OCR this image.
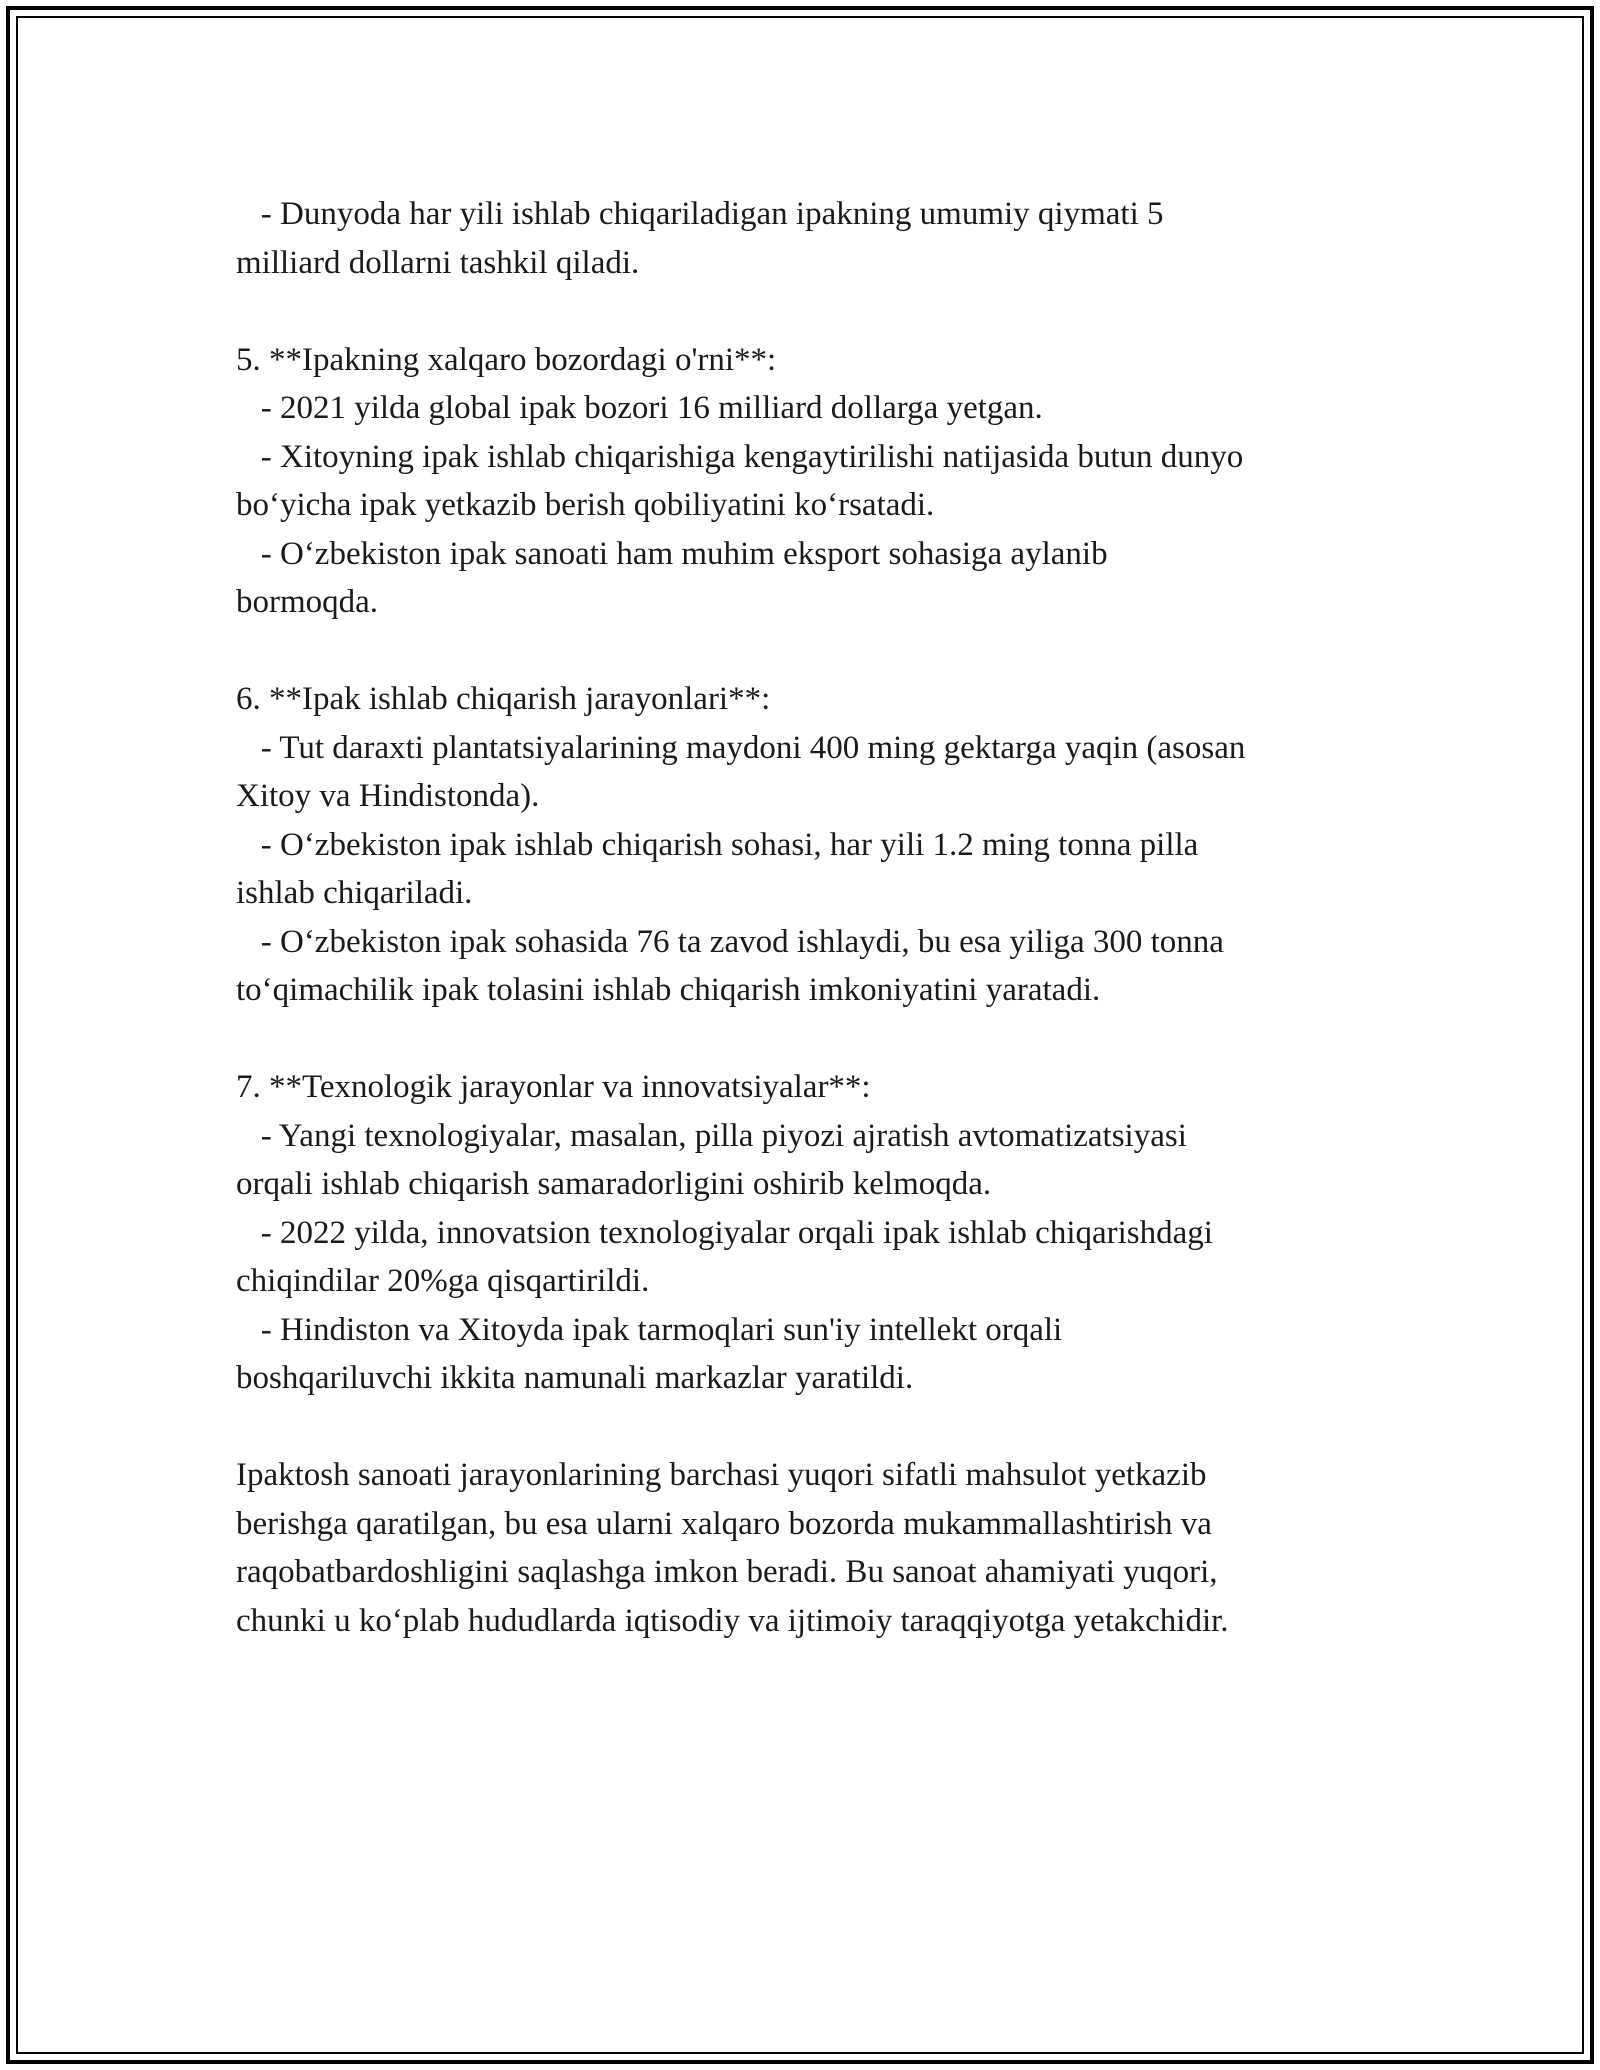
- Dunyoda har yili ishlab chiqariladigan ipakning umumiy qiymati 5
milliard dollarni tashkil qiladi.
5. **Ipakning xalqaro bozordagi o'rni**:
- 2021 yilda global ipak bozori 16 milliard dollarga yetgan.
- Xitoyning ipak ishlab chiqarishiga kengaytirilishi natijasida butun dunyo
bo‘yicha ipak yetkazib berish qobiliyatini ko‘rsatadi.
- O‘zbekiston ipak sanoati ham muhim eksport sohasiga aylanib
bormoqda.
6. **Ipak ishlab chiqarish jarayonlari**:
- Tut daraxti plantatsiyalarining maydoni 400 ming gektarga yaqin (asosan
Xitoy va Hindistonda).
- O‘zbekiston ipak ishlab chiqarish sohasi, har yili 1.2 ming tonna pilla
ishlab chiqariladi.
- O‘zbekiston ipak sohasida 76 ta zavod ishlaydi, bu esa yiliga 300 tonna
to‘qimachilik ipak tolasini ishlab chiqarish imkoniyatini yaratadi.
7. **Texnologik jarayonlar va innovatsiyalar**:
- Yangi texnologiyalar, masalan, pilla piyozi ajratish avtomatizatsiyasi
orqali ishlab chiqarish samaradorligini oshirib kelmoqda.
- 2022 yilda, innovatsion texnologiyalar orqali ipak ishlab chiqarishdagi
chiqindilar 20%ga qisqartirildi.
- Hindiston va Xitoyda ipak tarmoqlari sun'iy intellekt orqali
boshqariluvchi ikkita namunali markazlar yaratildi.
Ipaktosh sanoati jarayonlarining barchasi yuqori sifatli mahsulot yetkazib
berishga qaratilgan, bu esa ularni xalqaro bozorda mukammallashtirish va
raqobatbardoshligini saqlashga imkon beradi. Bu sanoat ahamiyati yuqori,
chunki u ko‘plab hududlarda iqtisodiy va ijtimoiy taraqqiyotga yetakchidir.
